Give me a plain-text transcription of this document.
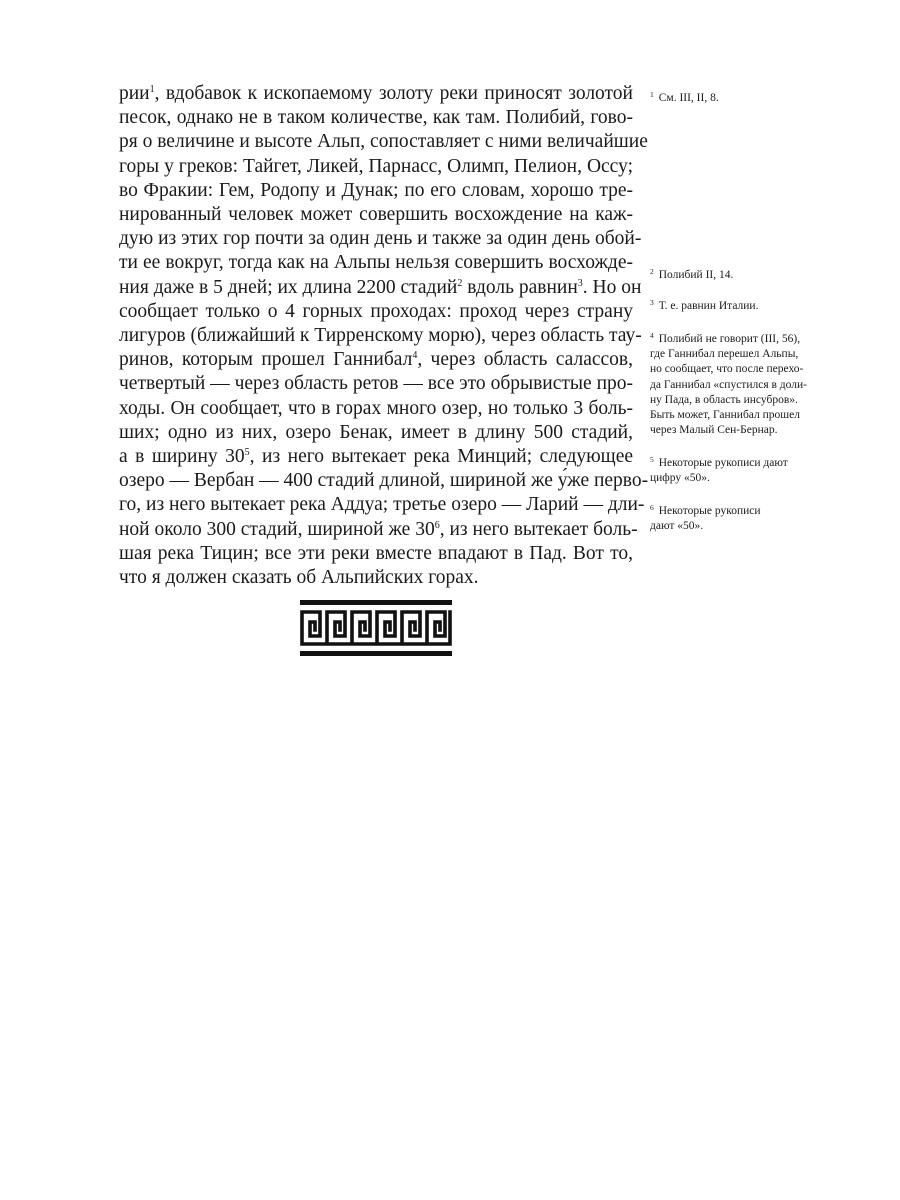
рии$^1$, вдобавок к ископаемому золоту реки приносят золотой
песок, однако не в таком количестве, как там. Полибий, гово-
ря о величине и высоте Альп, сопоставляет с ними величайшие
горы у греков: Тайгет, Ликей, Парнасс, Олимп, Пелион, Оссу;
во Фракии: Гем, Родопу и Дунак; по его словам, хорошо тре-
нированный человек может совершить восхождение на каж-
дую из этих гор почти за один день и также за один день обой-
ти ее вокруг, тогда как на Альпы нельзя совершить восхожде-
ния даже в 5 дней; их длина 2200 стадий$^2$ вдоль равнин$^3$. Но он
сообщает только о 4 горных проходах: проход через страну
лигуров (ближайший к Тирренскому морю), через область тау-
ринов, которым прошел Ганнибал$^4$, через область салассов,
четвертый — через область ретов — все это обрывистые про-
ходы. Он сообщает, что в горах много озер, но только 3 боль-
ших; одно из них, озеро Бенак, имеет в длину 500 стадий,
а в ширину $30^5$, из него вытекает река Минций; следующее
озеро — Вербан — 400 стадий длиной, шириной же у́же перво-
го, из него вытекает река Аддуа; третье озеро — Ларий — дли-
ной около 300 стадий, шириной же $30^6$, из него вытекает боль-
шая река Тицин; все эти реки вместе впадают в Пад. Вот то,
что я должен сказать об Альпийских горах.
$^1$ См. III, II, 8.
$^2$ Полибий II, 14.
$^3$ Т. е. равнин Италии.
$^4$ Полибий не говорит (III, 56),
где Ганнибал перешел Альпы,
но сообщает, что после перехо-
да Ганнибал «спустился в доли-
ну Пада, в область инсубров».
Быть может, Ганнибал прошел
через Малый Сен-Бернар.
$^5$ Некоторые рукописи дают
цифру «50».
$^6$ Некоторые рукописи
дают «50».
